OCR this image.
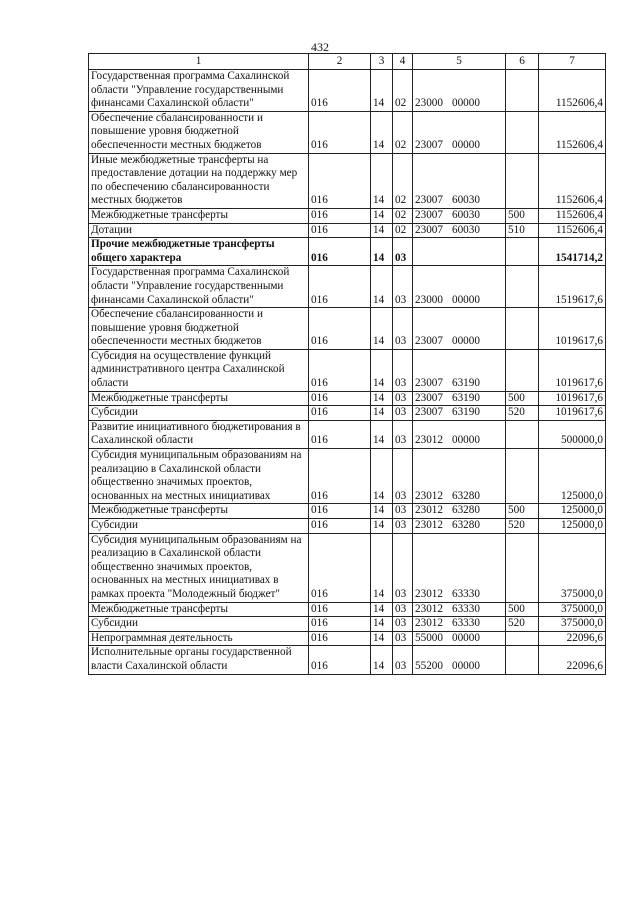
432
1	2	3	4	5	6	7
Государственная программа Сахалинской области "Управление государственными финансами Сахалинской области"	016	14	02	23000 00000		1152606,4
Обеспечение сбалансированности и повышение уровня бюджетной обеспеченности местных бюджетов	016	14	02	23007 00000		1152606,4
Иные межбюджетные трансферты на предоставление дотации на поддержку мер по обеспечению сбалансированности местных бюджетов	016	14	02	23007 60030		1152606,4
Межбюджетные трансферты	016	14	02	23007 60030	500	1152606,4
Дотации	016	14	02	23007 60030	510	1152606,4
Прочие межбюджетные трансферты общего характера	016	14	03			1541714,2
Государственная программа Сахалинской области "Управление государственными финансами Сахалинской области"	016	14	03	23000 00000		1519617,6
Обеспечение сбалансированности и повышение уровня бюджетной обеспеченности местных бюджетов	016	14	03	23007 00000		1019617,6
Субсидия на осуществление функций административного центра Сахалинской области	016	14	03	23007 63190		1019617,6
Межбюджетные трансферты	016	14	03	23007 63190	500	1019617,6
Субсидии	016	14	03	23007 63190	520	1019617,6
Развитие инициативного бюджетирования в Сахалинской области	016	14	03	23012 00000		500000,0
Субсидия муниципальным образованиям на реализацию в Сахалинской области общественно значимых проектов, основанных на местных инициативах	016	14	03	23012 63280		125000,0
Межбюджетные трансферты	016	14	03	23012 63280	500	125000,0
Субсидии	016	14	03	23012 63280	520	125000,0
Субсидия муниципальным образованиям на реализацию в Сахалинской области общественно значимых проектов, основанных на местных инициативах в рамках проекта "Молодежный бюджет"	016	14	03	23012 63330		375000,0
Межбюджетные трансферты	016	14	03	23012 63330	500	375000,0
Субсидии	016	14	03	23012 63330	520	375000,0
Непрограммная деятельность	016	14	03	55000 00000		22096,6
Исполнительные органы государственной власти Сахалинской области	016	14	03	55200 00000		22096,6
